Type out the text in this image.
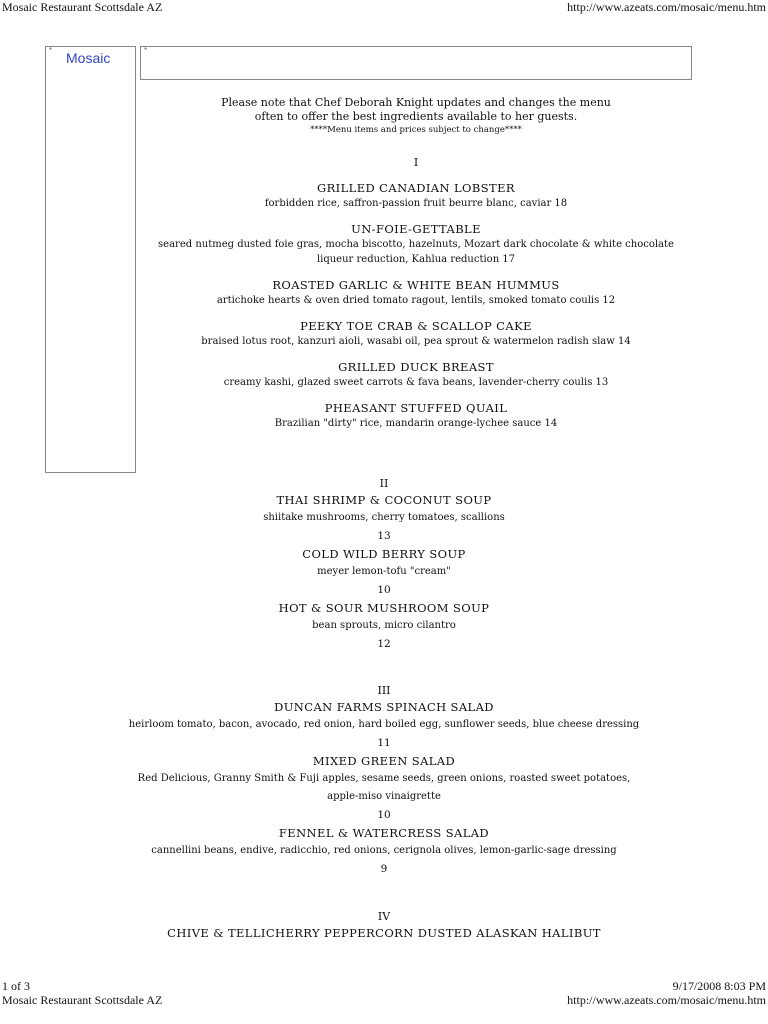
Mosaic Restaurant Scottsdale AZ	http://www.azeats.com/mosaic/menu.htm
* Mosaic	*
Please note that Chef Deborah Knight updates and changes the menu
often to offer the best ingredients available to her guests.
****Menu items and prices subject to change****
I
GRILLED CANADIAN LOBSTER
forbidden rice, saffron-passion fruit beurre blanc, caviar 18
UN-FOIE-GETTABLE
seared nutmeg dusted foie gras, mocha biscotto, hazelnuts, Mozart dark chocolate & white chocolate liqueur reduction, Kahlua reduction 17
ROASTED GARLIC & WHITE BEAN HUMMUS
artichoke hearts & oven dried tomato ragout, lentils, smoked tomato coulis 12
PEEKY TOE CRAB & SCALLOP CAKE
braised lotus root, kanzuri aioli, wasabi oil, pea sprout & watermelon radish slaw 14
GRILLED DUCK BREAST
creamy kashi, glazed sweet carrots & fava beans, lavender-cherry coulis 13
PHEASANT STUFFED QUAIL
Brazilian "dirty" rice, mandarin orange-lychee sauce 14
II
THAI SHRIMP & COCONUT SOUP
shiitake mushrooms, cherry tomatoes, scallions
13
COLD WILD BERRY SOUP
meyer lemon-tofu "cream"
10
HOT & SOUR MUSHROOM SOUP
bean sprouts, micro cilantro
12
III
DUNCAN FARMS SPINACH SALAD
heirloom tomato, bacon, avocado, red onion, hard boiled egg, sunflower seeds, blue cheese dressing
11
MIXED GREEN SALAD
Red Delicious, Granny Smith & Fuji apples, sesame seeds, green onions, roasted sweet potatoes,
apple-miso vinaigrette
10
FENNEL & WATERCRESS SALAD
cannellini beans, endive, radicchio, red onions, cerignola olives, lemon-garlic-sage dressing
9
IV
CHIVE & TELLICHERRY PEPPERCORN DUSTED ALASKAN HALIBUT
1 of 3	9/17/2008 8:03 PM
Mosaic Restaurant Scottsdale AZ	http://www.azeats.com/mosaic/menu.htm
